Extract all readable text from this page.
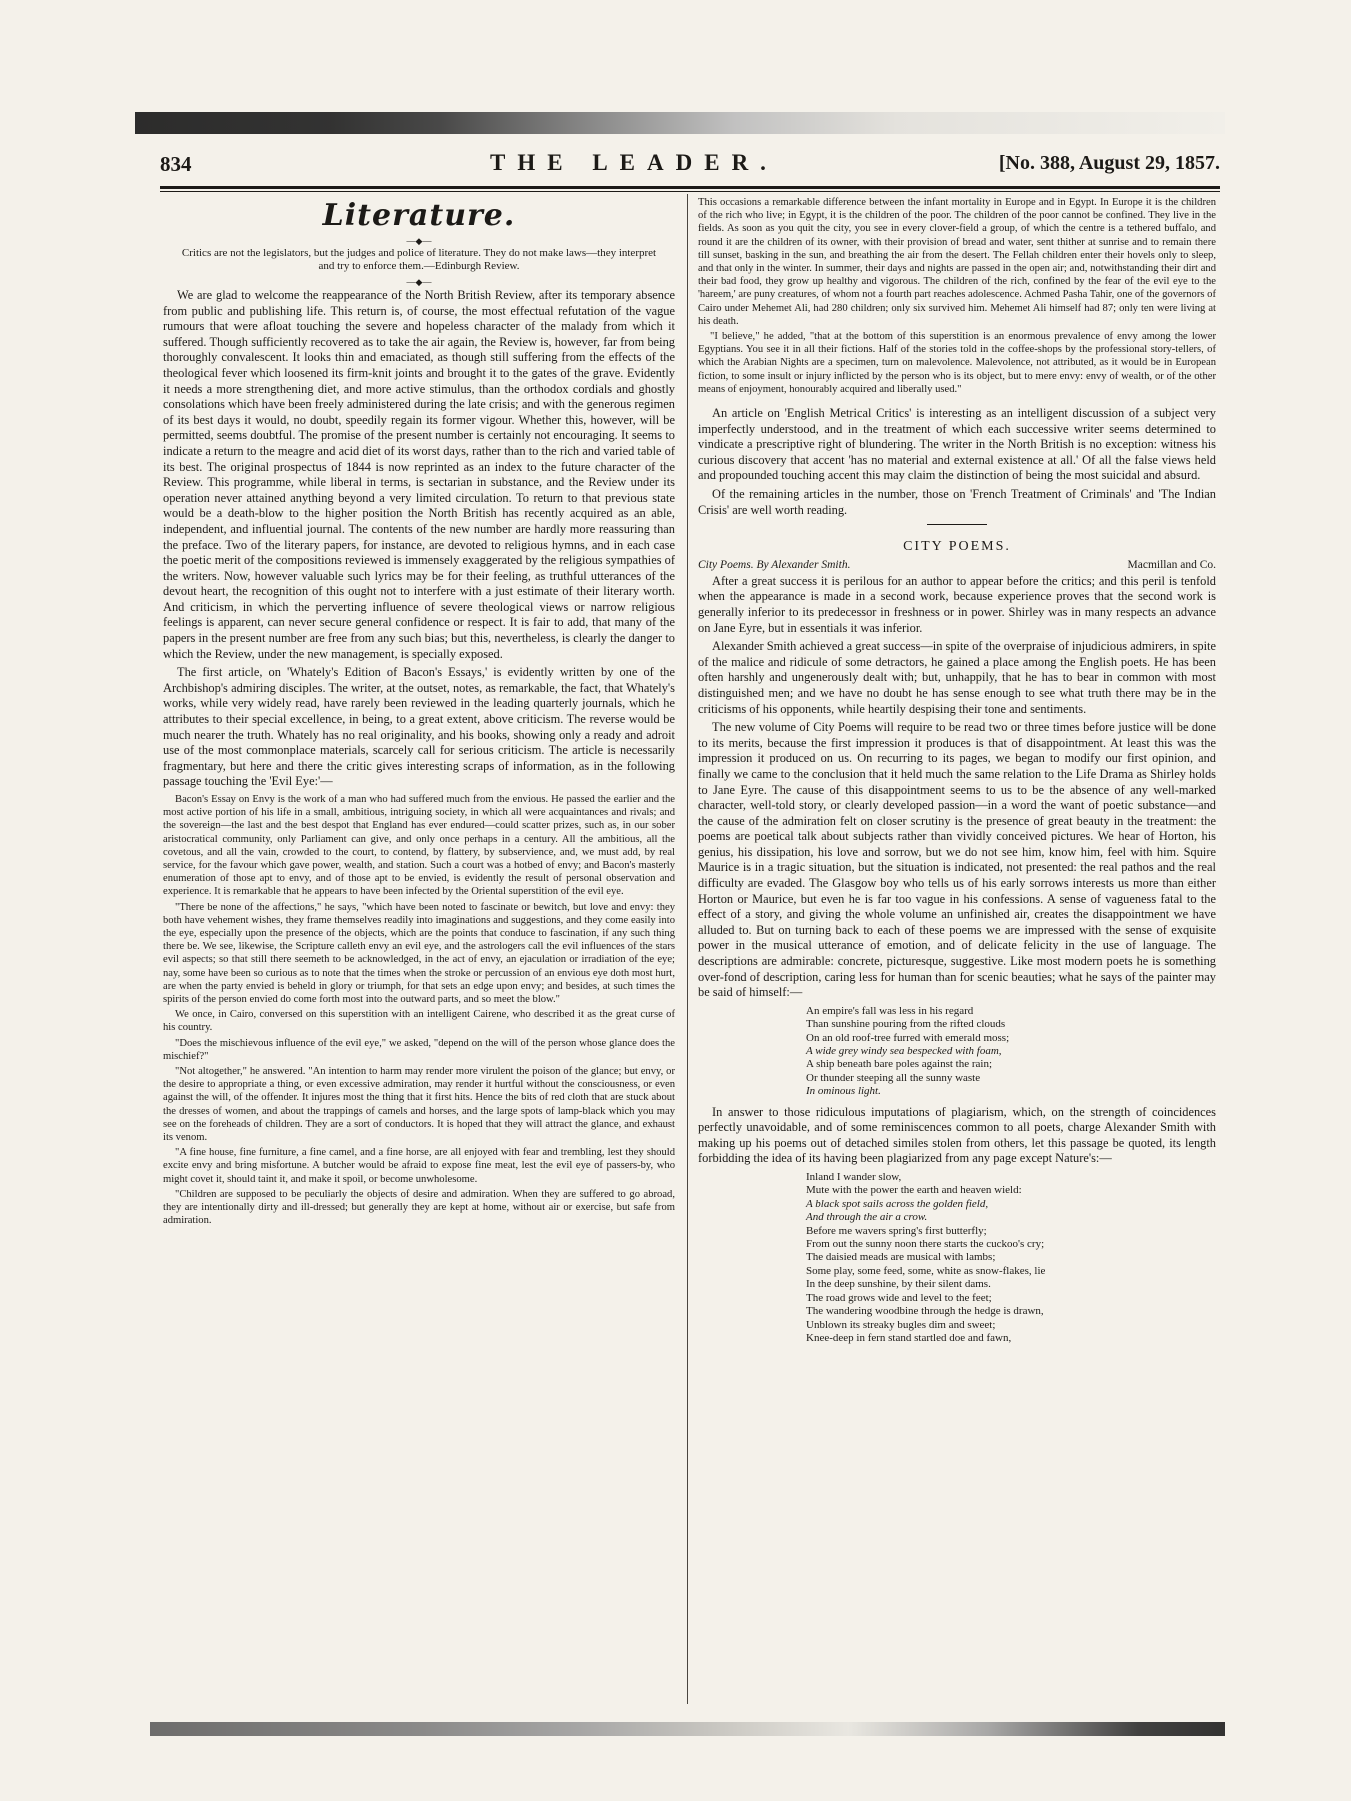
834	THE LEADER.	[No. 388, August 29, 1857.
Literature.
—◆—
Critics are not the legislators, but the judges and police of literature. They do not make laws—they interpret and try to enforce them.—Edinburgh Review.
—◆—

We are glad to welcome the reappearance of the North British Review, after its temporary absence from public and publishing life. This return is, of course, the most effectual refutation of the vague rumours that were afloat touching the severe and hopeless character of the malady from which it suffered. Though sufficiently recovered as to take the air again, the Review is, however, far from being thoroughly convalescent. It looks thin and emaciated, as though still suffering from the effects of the theological fever which loosened its firm-knit joints and brought it to the gates of the grave. Evidently it needs a more strengthening diet, and more active stimulus, than the orthodox cordials and ghostly consolations which have been freely administered during the late crisis; and with the generous regimen of its best days it would, no doubt, speedily regain its former vigour. Whether this, however, will be permitted, seems doubtful. The promise of the present number is certainly not encouraging. It seems to indicate a return to the meagre and acid diet of its worst days, rather than to the rich and varied table of its best. The original prospectus of 1844 is now reprinted as an index to the future character of the Review. This programme, while liberal in terms, is sectarian in substance, and the Review under its operation never attained anything beyond a very limited circulation. To return to that previous state would be a death-blow to the higher position the North British has recently acquired as an able, independent, and influential journal. The contents of the new number are hardly more reassuring than the preface. Two of the literary papers, for instance, are devoted to religious hymns, and in each case the poetic merit of the compositions reviewed is immensely exaggerated by the religious sympathies of the writers. Now, however valuable such lyrics may be for their feeling, as truthful utterances of the devout heart, the recognition of this ought not to interfere with a just estimate of their literary worth. And criticism, in which the perverting influence of severe theological views or narrow religious feelings is apparent, can never secure general confidence or respect. It is fair to add, that many of the papers in the present number are free from any such bias; but this, nevertheless, is clearly the danger to which the Review, under the new management, is specially exposed.

The first article, on 'Whately's Edition of Bacon's Essays,' is evidently written by one of the Archbishop's admiring disciples. The writer, at the outset, notes, as remarkable, the fact, that Whately's works, while very widely read, have rarely been reviewed in the leading quarterly journals, which he attributes to their special excellence, in being, to a great extent, above criticism. The reverse would be much nearer the truth. Whately has no real originality, and his books, showing only a ready and adroit use of the most commonplace materials, scarcely call for serious criticism. The article is necessarily fragmentary, but here and there the critic gives interesting scraps of information, as in the following passage touching the 'Evil Eye:'—

Bacon's Essay on Envy is the work of a man who had suffered much from the envious. He passed the earlier and the most active portion of his life in a small, ambitious, intriguing society, in which all were acquaintances and rivals; and the sovereign—the last and the best despot that England has ever endured—could scatter prizes, such as, in our sober aristocratical community, only Parliament can give, and only once perhaps in a century. All the ambitious, all the covetous, and all the vain, crowded to the court, to contend, by flattery, by subservience, and, we must add, by real service, for the favour which gave power, wealth, and station. Such a court was a hotbed of envy; and Bacon's masterly enumeration of those apt to envy, and of those apt to be envied, is evidently the result of personal observation and experience. It is remarkable that he appears to have been infected by the Oriental superstition of the evil eye.

"There be none of the affections," he says, "which have been noted to fascinate or bewitch, but love and envy: they both have vehement wishes, they frame themselves readily into imaginations and suggestions, and they come easily into the eye, especially upon the presence of the objects, which are the points that conduce to fascination, if any such thing there be. We see, likewise, the Scripture calleth envy an evil eye, and the astrologers call the evil influences of the stars evil aspects; so that still there seemeth to be acknowledged, in the act of envy, an ejaculation or irradiation of the eye; nay, some have been so curious as to note that the times when the stroke or percussion of an envious eye doth most hurt, are when the party envied is beheld in glory or triumph, for that sets an edge upon envy; and besides, at such times the spirits of the person envied do come forth most into the outward parts, and so meet the blow."

We once, in Cairo, conversed on this superstition with an intelligent Cairene, who described it as the great curse of his country.

"Does the mischievous influence of the evil eye," we asked, "depend on the will of the person whose glance does the mischief?"

"Not altogether," he answered. "An intention to harm may render more virulent the poison of the glance; but envy, or the desire to appropriate a thing, or even excessive admiration, may render it hurtful without the consciousness, or even against the will, of the offender. It injures most the thing that it first hits. Hence the bits of red cloth that are stuck about the dresses of women, and about the trappings of camels and horses, and the large spots of lamp-black which you may see on the foreheads of children. They are a sort of conductors. It is hoped that they will attract the glance, and exhaust its venom.

"A fine house, fine furniture, a fine camel, and a fine horse, are all enjoyed with fear and trembling, lest they should excite envy and bring misfortune. A butcher would be afraid to expose fine meat, lest the evil eye of passers-by, who might covet it, should taint it, and make it spoil, or become unwholesome.

"Children are supposed to be peculiarly the objects of desire and admiration. When they are suffered to go abroad, they are intentionally dirty and ill-dressed; but generally they are kept at home, without air or exercise, but safe from admiration.

This occasions a remarkable difference between the infant mortality in Europe and in Egypt. In Europe it is the children of the rich who live; in Egypt, it is the children of the poor. The children of the poor cannot be confined. They live in the fields. As soon as you quit the city, you see in every clover-field a group, of which the centre is a tethered buffalo, and round it are the children of its owner, with their provision of bread and water, sent thither at sunrise and to remain there till sunset, basking in the sun, and breathing the air from the desert. The Fellah children enter their hovels only to sleep, and that only in the winter. In summer, their days and nights are passed in the open air; and, notwithstanding their dirt and their bad food, they grow up healthy and vigorous. The children of the rich, confined by the fear of the evil eye to the 'hareem,' are puny creatures, of whom not a fourth part reaches adolescence. Achmed Pasha Tahir, one of the governors of Cairo under Mehemet Ali, had 280 children; only six survived him. Mehemet Ali himself had 87; only ten were living at his death.

"I believe," he added, "that at the bottom of this superstition is an enormous prevalence of envy among the lower Egyptians. You see it in all their fictions. Half of the stories told in the coffee-shops by the professional story-tellers, of which the Arabian Nights are a specimen, turn on malevolence. Malevolence, not attributed, as it would be in European fiction, to some insult or injury inflicted by the person who is its object, but to mere envy: envy of wealth, or of the other means of enjoyment, honourably acquired and liberally used."

An article on 'English Metrical Critics' is interesting as an intelligent discussion of a subject very imperfectly understood, and in the treatment of which each successive writer seems determined to vindicate a prescriptive right of blundering. The writer in the North British is no exception: witness his curious discovery that accent 'has no material and external existence at all.' Of all the false views held and propounded touching accent this may claim the distinction of being the most suicidal and absurd.

Of the remaining articles in the number, those on 'French Treatment of Criminals' and 'The Indian Crisis' are well worth reading.

CITY POEMS.
City Poems. By Alexander Smith.	Macmillan and Co.

After a great success it is perilous for an author to appear before the critics; and this peril is tenfold when the appearance is made in a second work, because experience proves that the second work is generally inferior to its predecessor in freshness or in power. Shirley was in many respects an advance on Jane Eyre, but in essentials it was inferior.

Alexander Smith achieved a great success—in spite of the overpraise of injudicious admirers, in spite of the malice and ridicule of some detractors, he gained a place among the English poets. He has been often harshly and ungenerously dealt with; but, unhappily, that he has to bear in common with most distinguished men; and we have no doubt he has sense enough to see what truth there may be in the criticisms of his opponents, while heartily despising their tone and sentiments.

The new volume of City Poems will require to be read two or three times before justice will be done to its merits, because the first impression it produces is that of disappointment. At least this was the impression it produced on us. On recurring to its pages, we began to modify our first opinion, and finally we came to the conclusion that it held much the same relation to the Life Drama as Shirley holds to Jane Eyre. The cause of this disappointment seems to us to be the absence of any well-marked character, well-told story, or clearly developed passion—in a word the want of poetic substance—and the cause of the admiration felt on closer scrutiny is the presence of great beauty in the treatment: the poems are poetical talk about subjects rather than vividly conceived pictures. We hear of Horton, his genius, his dissipation, his love and sorrow, but we do not see him, know him, feel with him. Squire Maurice is in a tragic situation, but the situation is indicated, not presented: the real pathos and the real difficulty are evaded. The Glasgow boy who tells us of his early sorrows interests us more than either Horton or Maurice, but even he is far too vague in his confessions. A sense of vagueness fatal to the effect of a story, and giving the whole volume an unfinished air, creates the disappointment we have alluded to. But on turning back to each of these poems we are impressed with the sense of exquisite power in the musical utterance of emotion, and of delicate felicity in the use of language. The descriptions are admirable: concrete, picturesque, suggestive. Like most modern poets he is something over-fond of description, caring less for human than for scenic beauties; what he says of the painter may be said of himself:—

An empire's fall was less in his regard
Than sunshine pouring from the rifted clouds
On an old roof-tree furred with emerald moss;
A wide grey windy sea bespecked with foam,
A ship beneath bare poles against the rain;
Or thunder steeping all the sunny waste
In ominous light.

In answer to those ridiculous imputations of plagiarism, which, on the strength of coincidences perfectly unavoidable, and of some reminiscences common to all poets, charge Alexander Smith with making up his poems out of detached similes stolen from others, let this passage be quoted, its length forbidding the idea of its having been plagiarized from any page except Nature's:—

Inland I wander slow,
Mute with the power the earth and heaven wield:
A black spot sails across the golden field,
And through the air a crow.
Before me wavers spring's first butterfly;
From out the sunny noon there starts the cuckoo's cry;
The daisied meads are musical with lambs;
Some play, some feed, some, white as snow-flakes, lie
In the deep sunshine, by their silent dams.
The road grows wide and level to the feet;
The wandering woodbine through the hedge is drawn,
Unblown its streaky bugles dim and sweet;
Knee-deep in fern stand startled doe and fawn,
